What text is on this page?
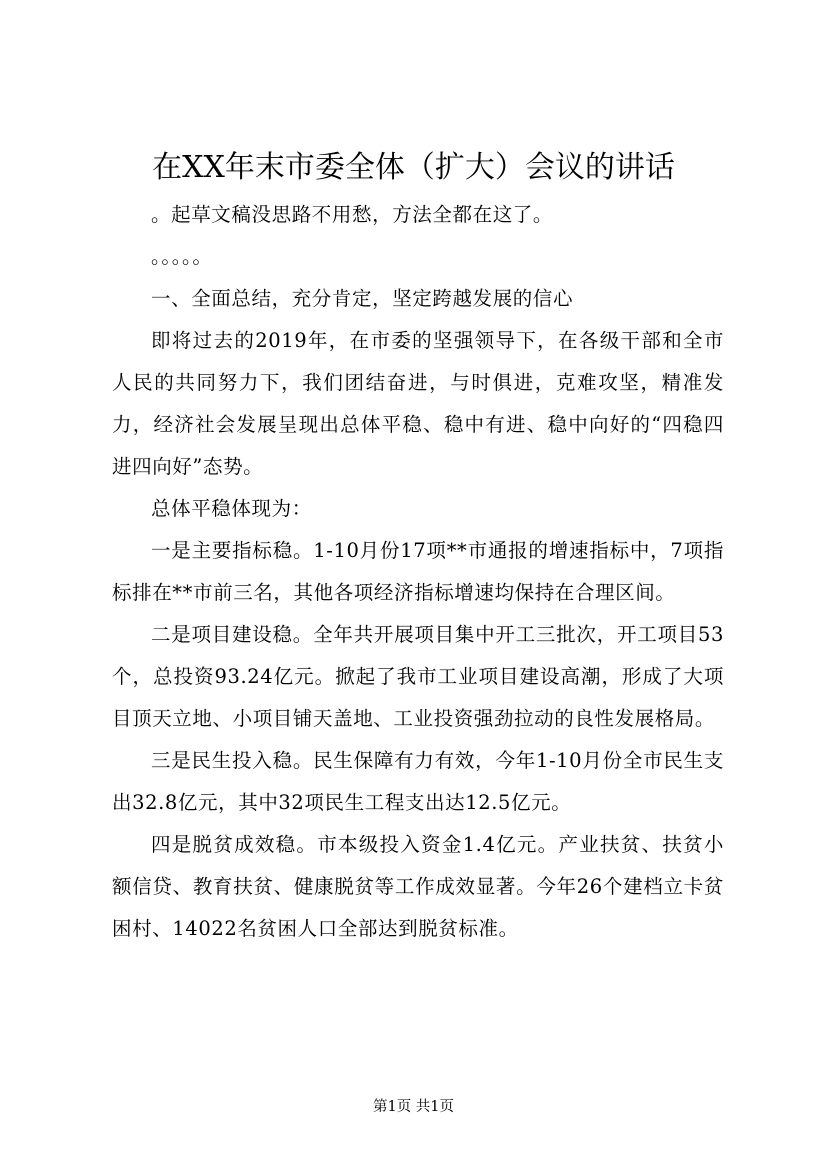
在XX年末市委全体（扩大）会议的讲话

。起草文稿没思路不用愁，方法全都在这了。

。。。。。

一、全面总结，充分肯定，坚定跨越发展的信心

即将过去的2019年，在市委的坚强领导下，在各级干部和全市人民的共同努力下，我们团结奋进，与时俱进，克难攻坚，精准发力，经济社会发展呈现出总体平稳、稳中有进、稳中向好的“四稳四进四向好”态势。

总体平稳体现为：

一是主要指标稳。1-10月份17项**市通报的增速指标中，7项指标排在**市前三名，其他各项经济指标增速均保持在合理区间。

二是项目建设稳。全年共开展项目集中开工三批次，开工项目53个，总投资93.24亿元。掀起了我市工业项目建设高潮，形成了大项目顶天立地、小项目铺天盖地、工业投资强劲拉动的良性发展格局。

三是民生投入稳。民生保障有力有效，今年1-10月份全市民生支出32.8亿元，其中32项民生工程支出达12.5亿元。

四是脱贫成效稳。市本级投入资金1.4亿元。产业扶贫、扶贫小额信贷、教育扶贫、健康脱贫等工作成效显著。今年26个建档立卡贫困村、14022名贫困人口全部达到脱贫标准。

第1页 共1页
